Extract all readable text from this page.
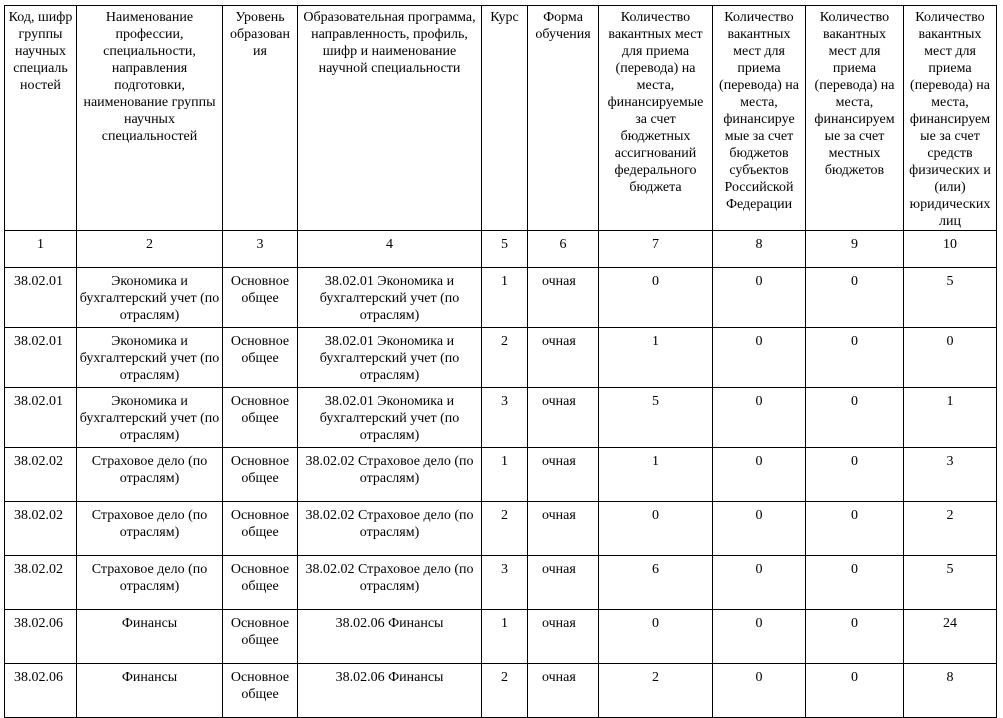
Код, шифр группы научных специаль ностей	Наименование профессии, специальности, направления подготовки, наименование группы научных специальностей	Уровень образован ия	Образовательная программа, направленность, профиль, шифр и наименование научной специальности	Курс	Форма обучения	Количество вакантных мест для приема (перевода) на места, финансируемые за счет бюджетных ассигнований федерального бюджета	Количество вакантных мест для приема (перевода) на места, финансируе мые за счет бюджетов субъектов Российской Федерации	Количество вакантных мест для приема (перевода) на места, финансируем ые за счет местных бюджетов	Количество вакантных мест для приема (перевода) на места, финансируем ые за счет средств физических и (или) юридических лиц
1	2	3	4	5	6	7	8	9	10
38.02.01	Экономика и бухгалтерский учет (по отраслям)	Основное общее	38.02.01 Экономика и бухгалтерский учет (по отраслям)	1	очная	0	0	0	5
38.02.01	Экономика и бухгалтерский учет (по отраслям)	Основное общее	38.02.01 Экономика и бухгалтерский учет (по отраслям)	2	очная	1	0	0	0
38.02.01	Экономика и бухгалтерский учет (по отраслям)	Основное общее	38.02.01 Экономика и бухгалтерский учет (по отраслям)	3	очная	5	0	0	1
38.02.02	Страховое дело (по отраслям)	Основное общее	38.02.02 Страховое дело (по отраслям)	1	очная	1	0	0	3
38.02.02	Страховое дело (по отраслям)	Основное общее	38.02.02 Страховое дело (по отраслям)	2	очная	0	0	0	2
38.02.02	Страховое дело (по отраслям)	Основное общее	38.02.02 Страховое дело (по отраслям)	3	очная	6	0	0	5
38.02.06	Финансы	Основное общее	38.02.06 Финансы	1	очная	0	0	0	24
38.02.06	Финансы	Основное общее	38.02.06 Финансы	2	очная	2	0	0	8
